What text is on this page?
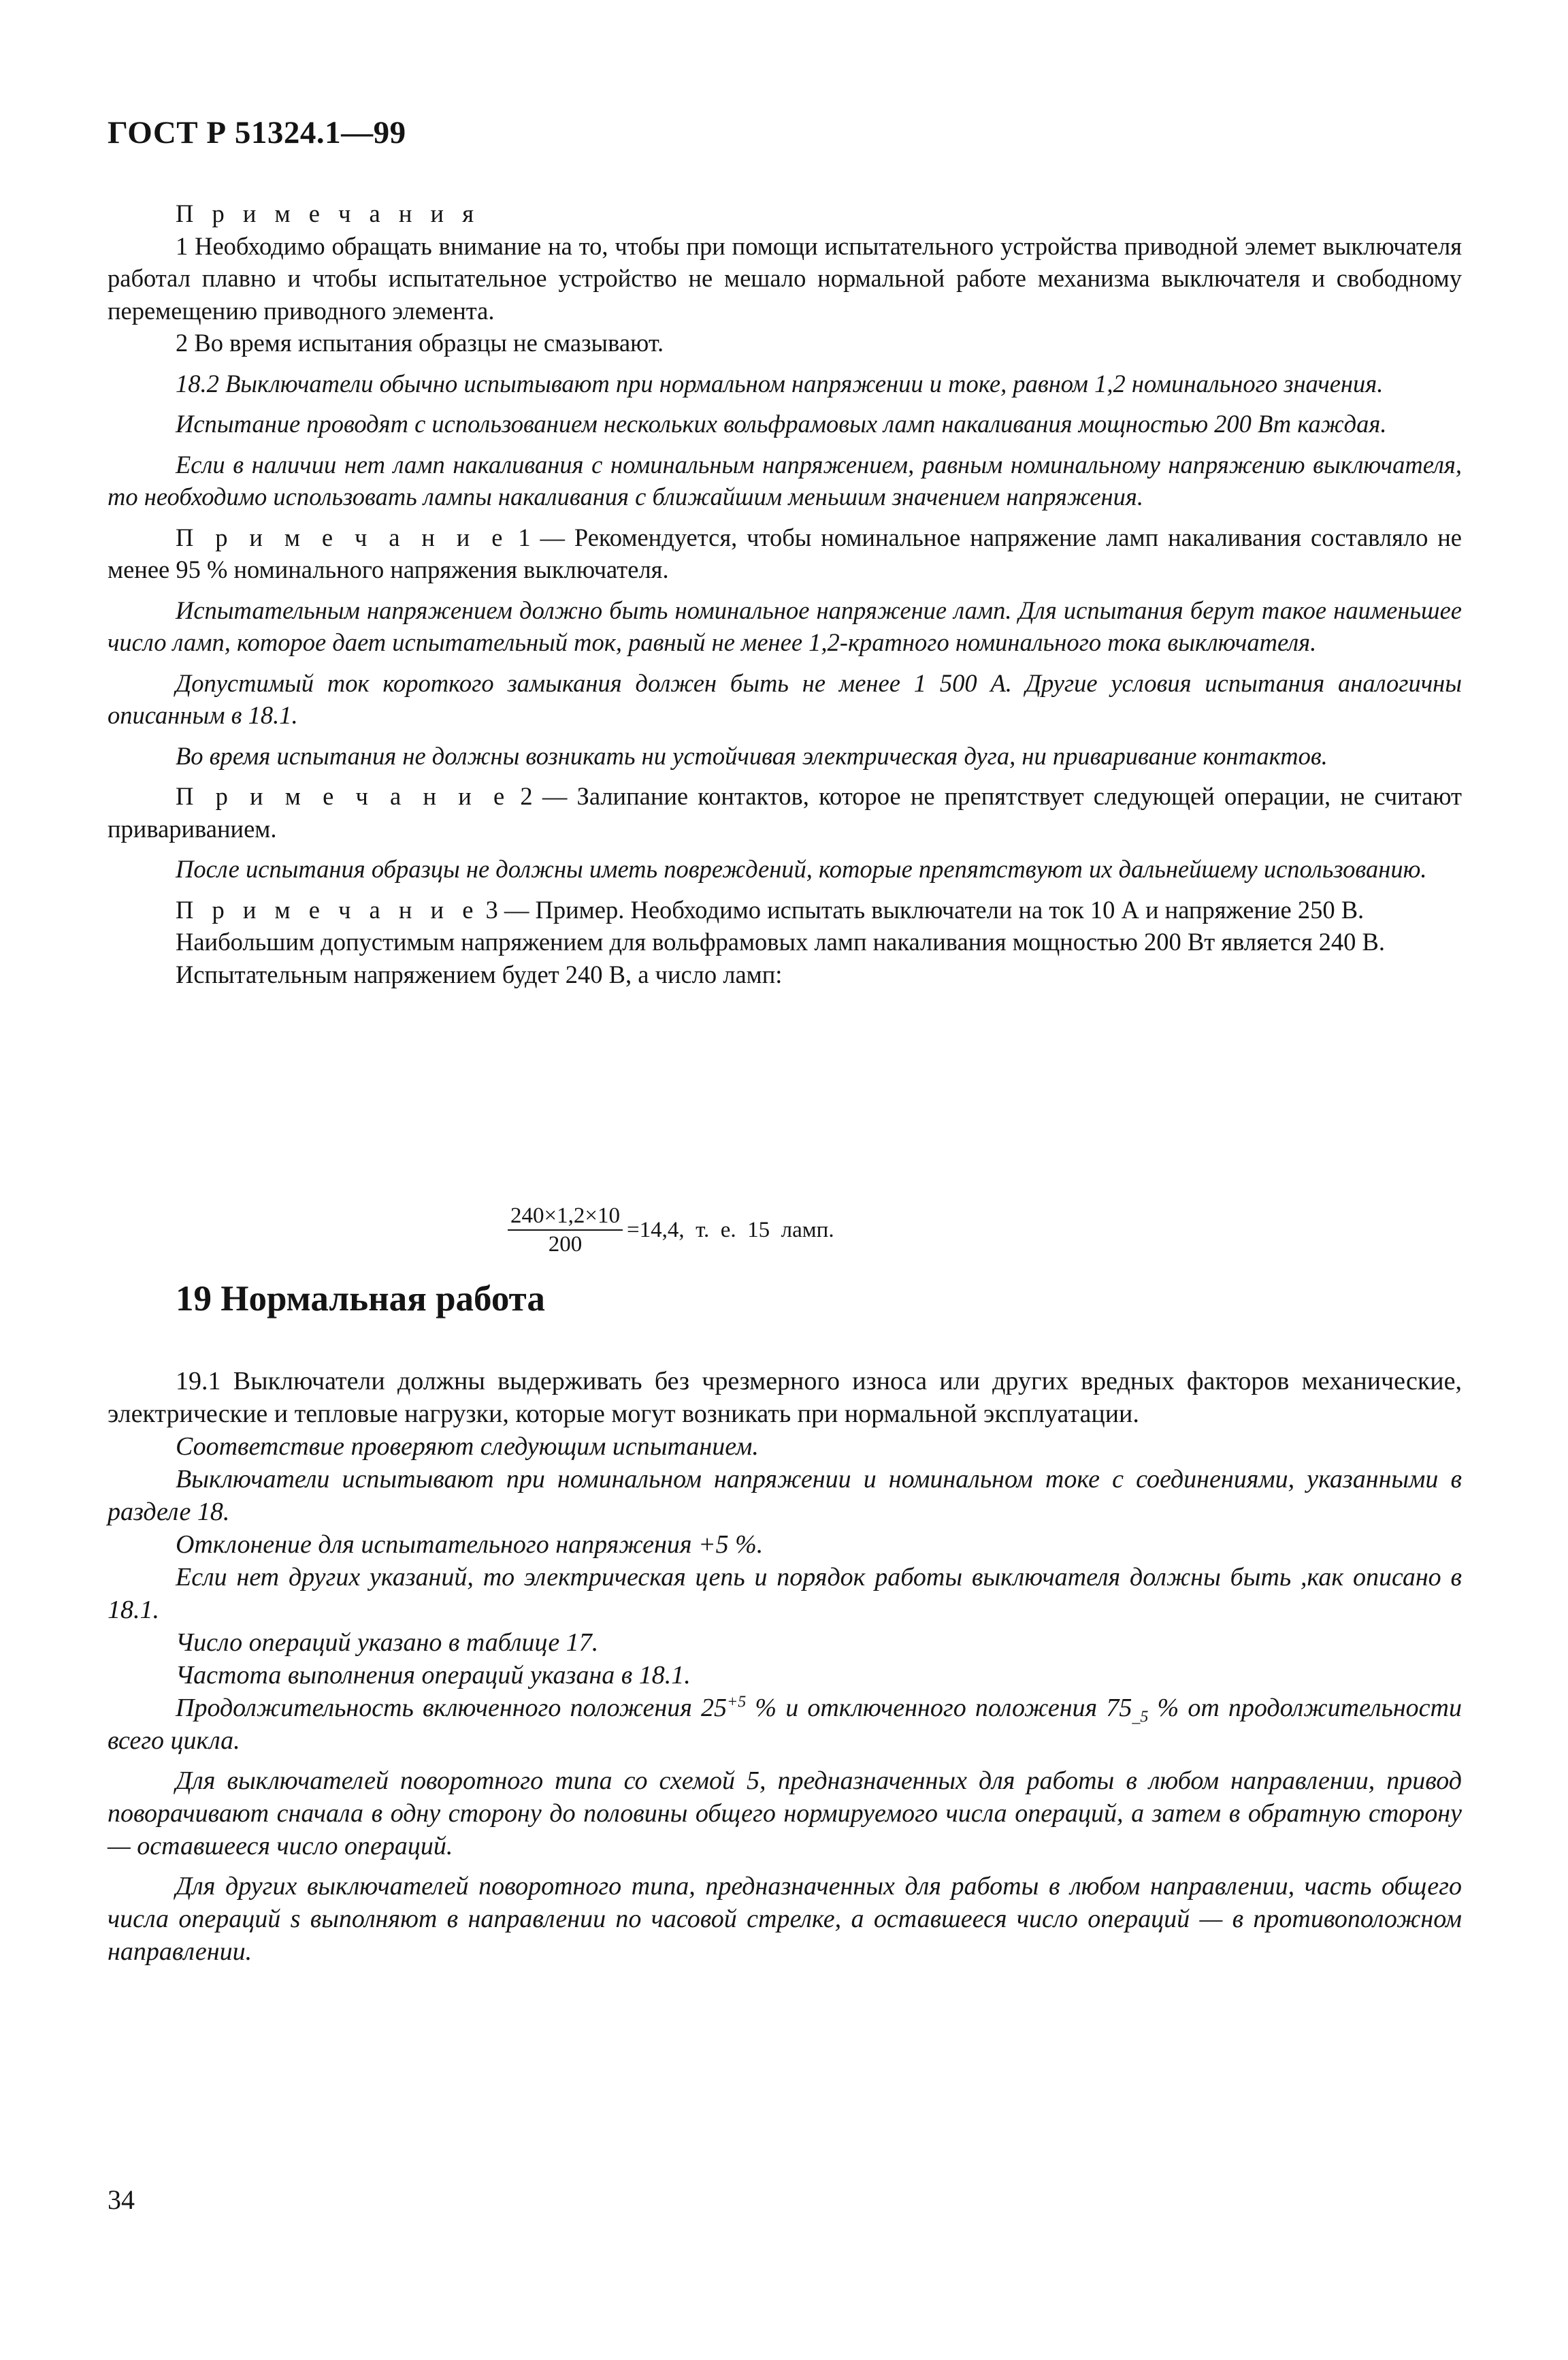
ГОСТ Р 51324.1—99

П р и м е ч а н и я

1 Необходимо обращать внимание на то, чтобы при помощи испытательного устройства приводной элемет выключателя работал плавно и чтобы испытательное устройство не мешало нормальной работе механизма выключателя и свободному перемещению приводного элемента.

2 Во время испытания образцы не смазывают.

18.2 Выключатели обычно испытывают при нормальном напряжении и токе, равном 1,2 номинального значения.

Испытание проводят с использованием нескольких вольфрамовых ламп накаливания мощностью 200 Вт каждая.

Если в наличии нет ламп накаливания с номинальным напряжением, равным номинальному напряжению выключателя, то необходимо использовать лампы накаливания с ближайшим меньшим значением напряжения.

П р и м е ч а н и е 1 — Рекомендуется, чтобы номинальное напряжение ламп накаливания составляло не менее 95 % номинального напряжения выключателя.

Испытательным напряжением должно быть номинальное напряжение ламп. Для испытания берут такое наименьшее число ламп, которое дает испытательный ток, равный не менее 1,2-кратного номинального тока выключателя.

Допустимый ток короткого замыкания должен быть не менее 1 500 А. Другие условия испытания аналогичны описанным в 18.1.

Во время испытания не должны возникать ни устойчивая электрическая дуга, ни приваривание контактов.

П р и м е ч а н и е 2 — Залипание контактов, которое не препятствует следующей операции, не считают привариванием.

После испытания образцы не должны иметь повреждений, которые препятствуют их дальнейшему использованию.

П р и м е ч а н и е 3 — Пример. Необходимо испытать выключатели на ток 10 А и напряжение 250 В.

Наибольшим допустимым напряжением для вольфрамовых ламп накаливания мощностью 200 Вт является 240 В.

Испытательным напряжением будет 240 В, а число ламп:

$\frac{240\times 1,2\times 10}{200} =14,4$,  т.  е.  15  ламп.
19 Нормальная работа

19.1 Выключатели должны выдерживать без чрезмерного износа или других вредных факторов механические, электрические и тепловые нагрузки, которые могут возникать при нормальной эксплуатации.

Соответствие проверяют следующим испытанием.

Выключатели испытывают при номинальном напряжении и номинальном токе с соединениями, указанными в разделе 18.

Отклонение для испытательного напряжения +5 %.

Если нет других указаний, то электрическая цепь и порядок работы выключателя должны быть ,как описано в 18.1.

Число операций указано в таблице 17.

Частота выполнения операций указана в 18.1.

Продолжительность включенного положения $25^{+5}$ % и отключенного положения $75_{\_5}$ % от продолжительности всего цикла.

Для выключателей поворотного типа со схемой 5, предназначенных для работы в любом направлении, привод поворачивают сначала в одну сторону до половины общего нормируемого числа операций, а затем в обратную сторону— оставшееся число операций.

Для других выключателей поворотного типа, предназначенных для работы в любом направлении, часть общего числа операций s выполняют в направлении по часовой стрелке, а оставшееся число операций — в противоположном направлении.

34
